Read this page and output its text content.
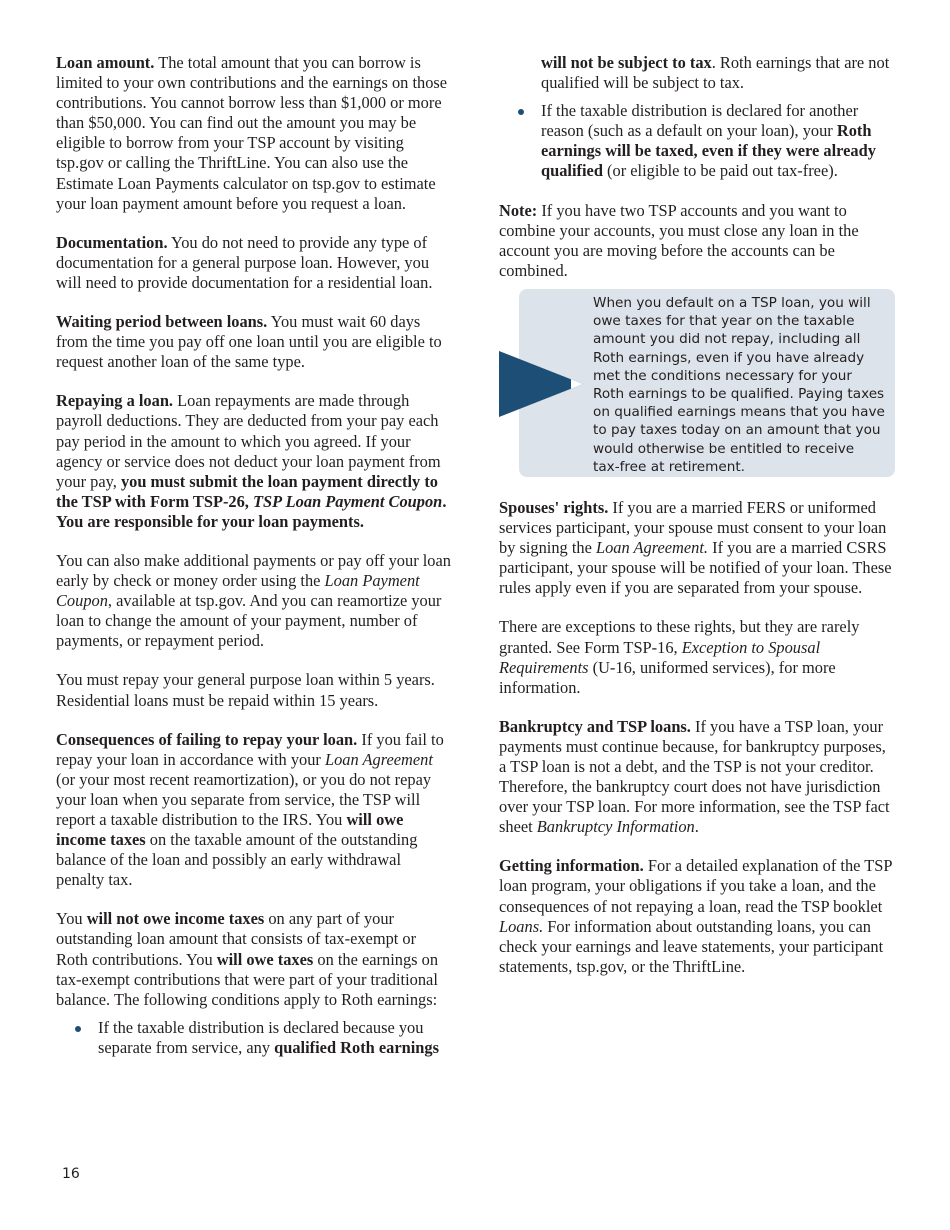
Loan amount. The total amount that you can borrow is limited to your own contributions and the earnings on those contributions. You cannot borrow less than $1,000 or more than $50,000. You can find out the amount you may be eligible to borrow from your TSP account by visiting tsp.gov or calling the ThriftLine. You can also use the Estimate Loan Payments calculator on tsp.gov to estimate your loan payment amount before you request a loan.

Documentation. You do not need to provide any type of documentation for a general purpose loan. However, you will need to provide documentation for a residential loan.

Waiting period between loans. You must wait 60 days from the time you pay off one loan until you are eligible to request another loan of the same type.

Repaying a loan. Loan repayments are made through payroll deductions. They are deducted from your pay each pay period in the amount to which you agreed. If your agency or service does not deduct your loan payment from your pay, you must submit the loan payment directly to the TSP with Form TSP-26, TSP Loan Payment Coupon. You are responsible for your loan payments.

You can also make additional payments or pay off your loan early by check or money order using the Loan Payment Coupon, available at tsp.gov. And you can reamortize your loan to change the amount of your payment, number of payments, or repayment period.

You must repay your general purpose loan within 5 years. Residential loans must be repaid within 15 years.

Consequences of failing to repay your loan. If you fail to repay your loan in accordance with your Loan Agreement (or your most recent reamortization), or you do not repay your loan when you separate from service, the TSP will report a taxable distribution to the IRS. You will owe income taxes on the taxable amount of the outstanding balance of the loan and possibly an early withdrawal penalty tax.

You will not owe income taxes on any part of your outstanding loan amount that consists of tax-exempt or Roth contributions. You will owe taxes on the earnings on tax-exempt contributions that were part of your traditional balance. The following conditions apply to Roth earnings:

If the taxable distribution is declared because you separate from service, any qualified Roth earnings
will not be subject to tax. Roth earnings that are not qualified will be subject to tax.
If the taxable distribution is declared for another reason (such as a default on your loan), your Roth earnings will be taxed, even if they were already qualified (or eligible to be paid out tax-free).

Note: If you have two TSP accounts and you want to combine your accounts, you must close any loan in the account you are moving before the accounts can be combined.

When you default on a TSP loan, you will owe taxes for that year on the taxable amount you did not repay, including all Roth earnings, even if you have already met the conditions necessary for your Roth earnings to be qualified. Paying taxes on qualified earnings means that you have to pay taxes today on an amount that you would otherwise be entitled to receive tax-free at retirement.

Spouses' rights. If you are a married FERS or uniformed services participant, your spouse must consent to your loan by signing the Loan Agreement. If you are a married CSRS participant, your spouse will be notified of your loan. These rules apply even if you are separated from your spouse.

There are exceptions to these rights, but they are rarely granted. See Form TSP-16, Exception to Spousal Requirements (U-16, uniformed services), for more information.

Bankruptcy and TSP loans. If you have a TSP loan, your payments must continue because, for bankruptcy purposes, a TSP loan is not a debt, and the TSP is not your creditor. Therefore, the bankruptcy court does not have jurisdiction over your TSP loan. For more information, see the TSP fact sheet Bankruptcy Information.

Getting information. For a detailed explanation of the TSP loan program, your obligations if you take a loan, and the consequences of not repaying a loan, read the TSP booklet Loans. For information about outstanding loans, you can check your earnings and leave statements, your participant statements, tsp.gov, or the ThriftLine.

16
